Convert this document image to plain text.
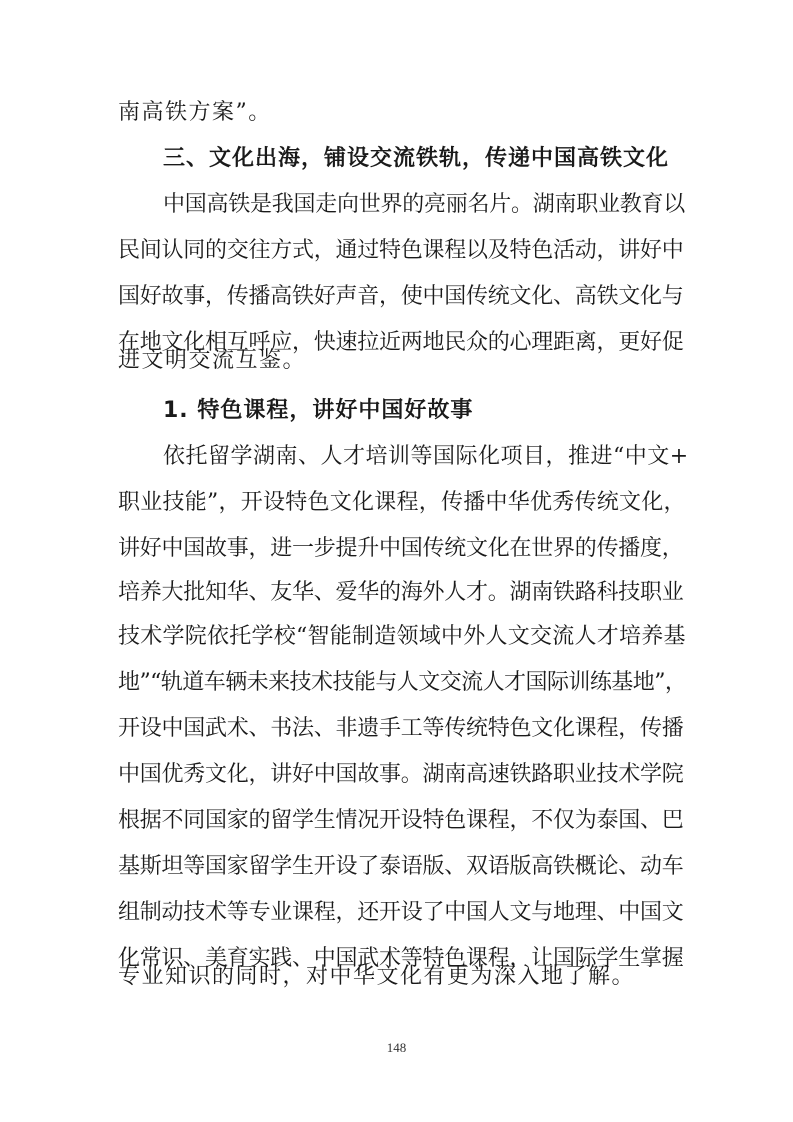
南高铁方案”。
三、文化出海，铺设交流铁轨，传递中国高铁文化
中国高铁是我国走向世界的亮丽名片。湖南职业教育以
民间认同的交往方式，通过特色课程以及特色活动，讲好中
国好故事，传播高铁好声音，使中国传统文化、高铁文化与
在地文化相互呼应，快速拉近两地民众的心理距离，更好促
进文明交流互鉴。
1. 特色课程，讲好中国好故事
依托留学湖南、人才培训等国际化项目，推进“中文+
职业技能”，开设特色文化课程，传播中华优秀传统文化，
讲好中国故事，进一步提升中国传统文化在世界的传播度，
培养大批知华、友华、爱华的海外人才。湖南铁路科技职业
技术学院依托学校“智能制造领域中外人文交流人才培养基
地”“轨道车辆未来技术技能与人文交流人才国际训练基地”，
开设中国武术、书法、非遗手工等传统特色文化课程，传播
中国优秀文化，讲好中国故事。湖南高速铁路职业技术学院
根据不同国家的留学生情况开设特色课程，不仅为泰国、巴
基斯坦等国家留学生开设了泰语版、双语版高铁概论、动车
组制动技术等专业课程，还开设了中国人文与地理、中国文
化常识、美育实践、中国武术等特色课程，让国际学生掌握
专业知识的同时，对中华文化有更为深入地了解。
148
